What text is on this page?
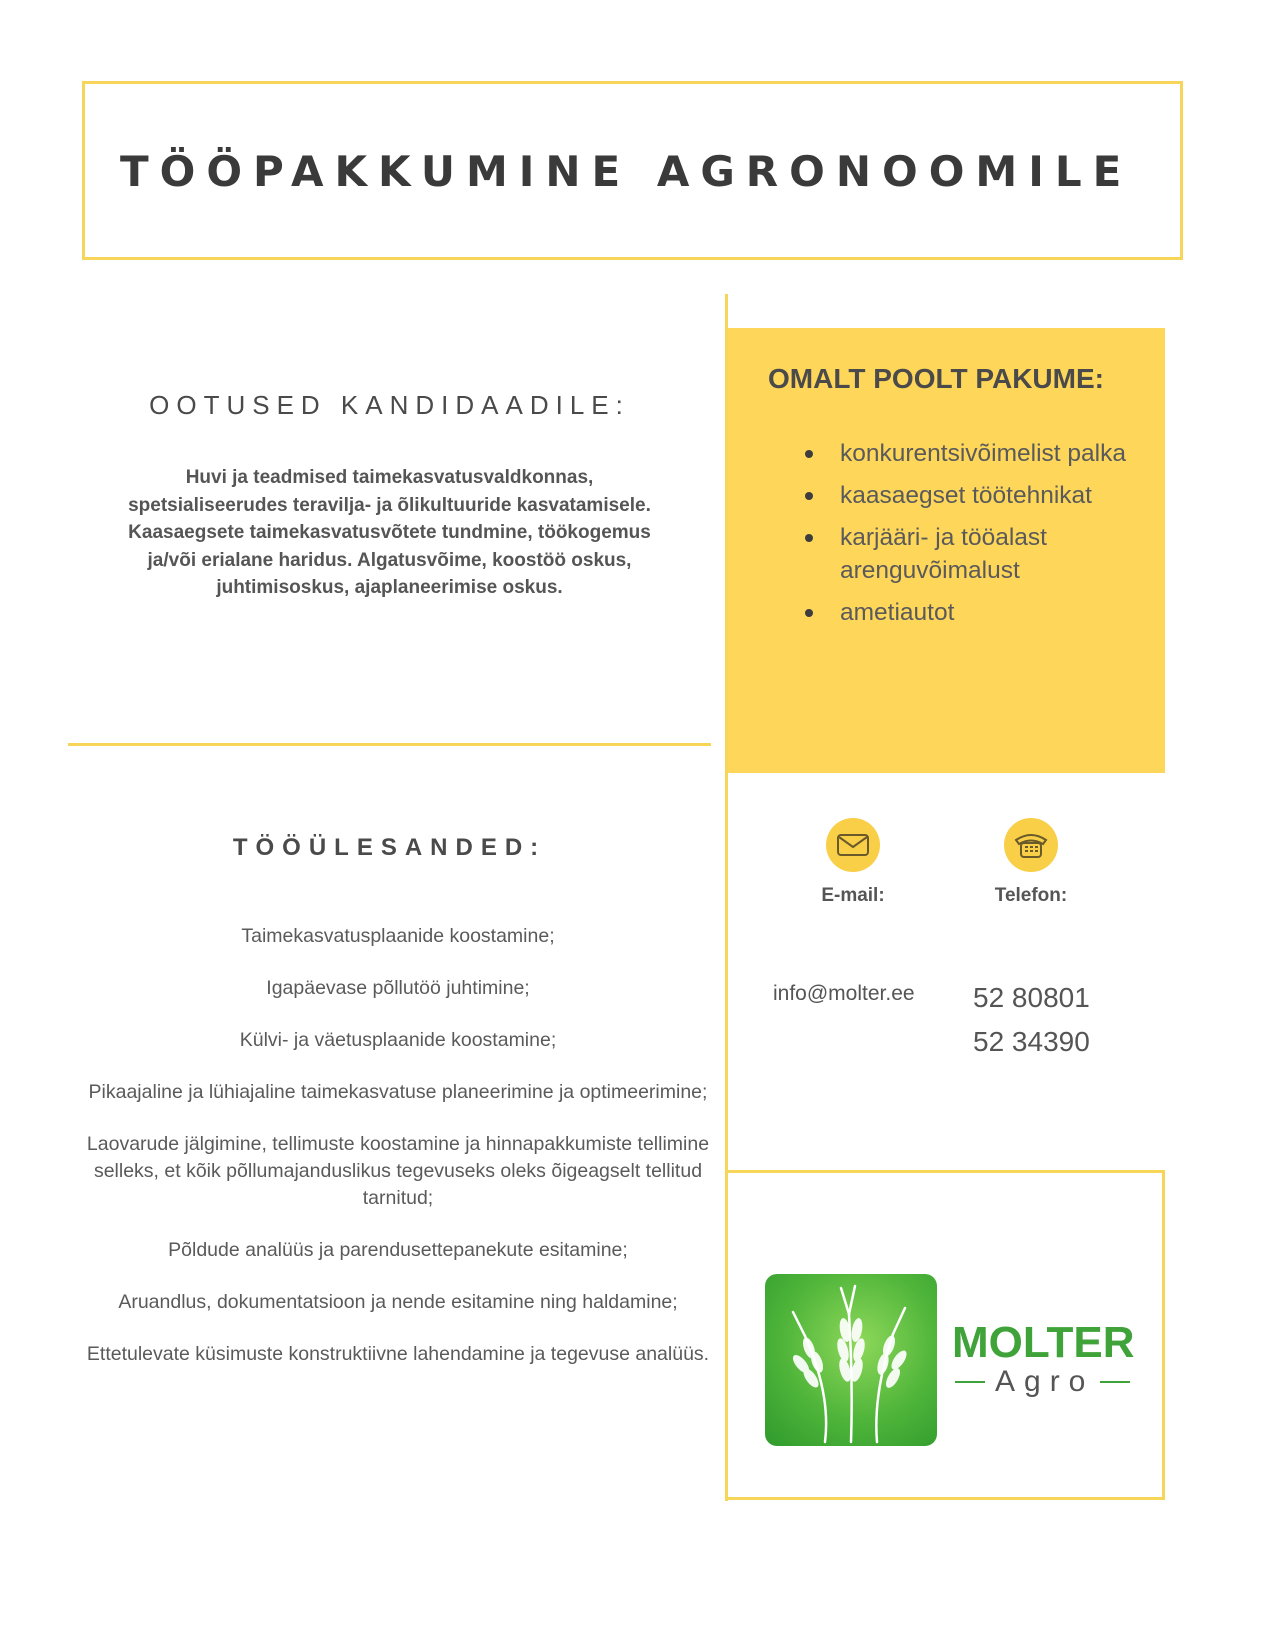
TÖÖPAKKUMINE AGRONOOMILE
OOTUSED KANDIDAADILE:
Huvi ja teadmised taimekasvatusvaldkonnas, spetsialiseerudes teravilja- ja õlikultuuride kasvatamisele. Kaasaegsete taimekasvatusvõtete tundmine, töökogemus ja/või erialane haridus. Algatusvõime, koostöö oskus, juhtimisoskus, ajaplaneerimise oskus.
OMALT POOLT PAKUME:
konkurentsivõimelist palka
kaasaegset töötehnikat
karjääri- ja tööalast arenguvõimalust
ametiautot
TÖÖÜLESANDED:
Taimekasvatusplaanide koostamine;
Igapäevase põllutöö juhtimine;
Külvi- ja väetusplaanide koostamine;
Pikaajaline ja lühiajaline taimekasvatuse planeerimine ja optimeerimine;
Laovarude jälgimine, tellimuste koostamine ja hinnapakkumiste tellimine selleks, et kõik põllumajanduslikus tegevuseks oleks õigeagselt tellitud tarnitud;
Põldude analüüs ja parendusettepanekute esitamine;
Aruandlus, dokumentatsioon ja nende esitamine ning haldamine;
Ettetulevate küsimuste konstruktiivne lahendamine ja tegevuse analüüs.
E-mail:	Telefon:
info@molter.ee 52 80801
52 34390
MOLTER
Agro
